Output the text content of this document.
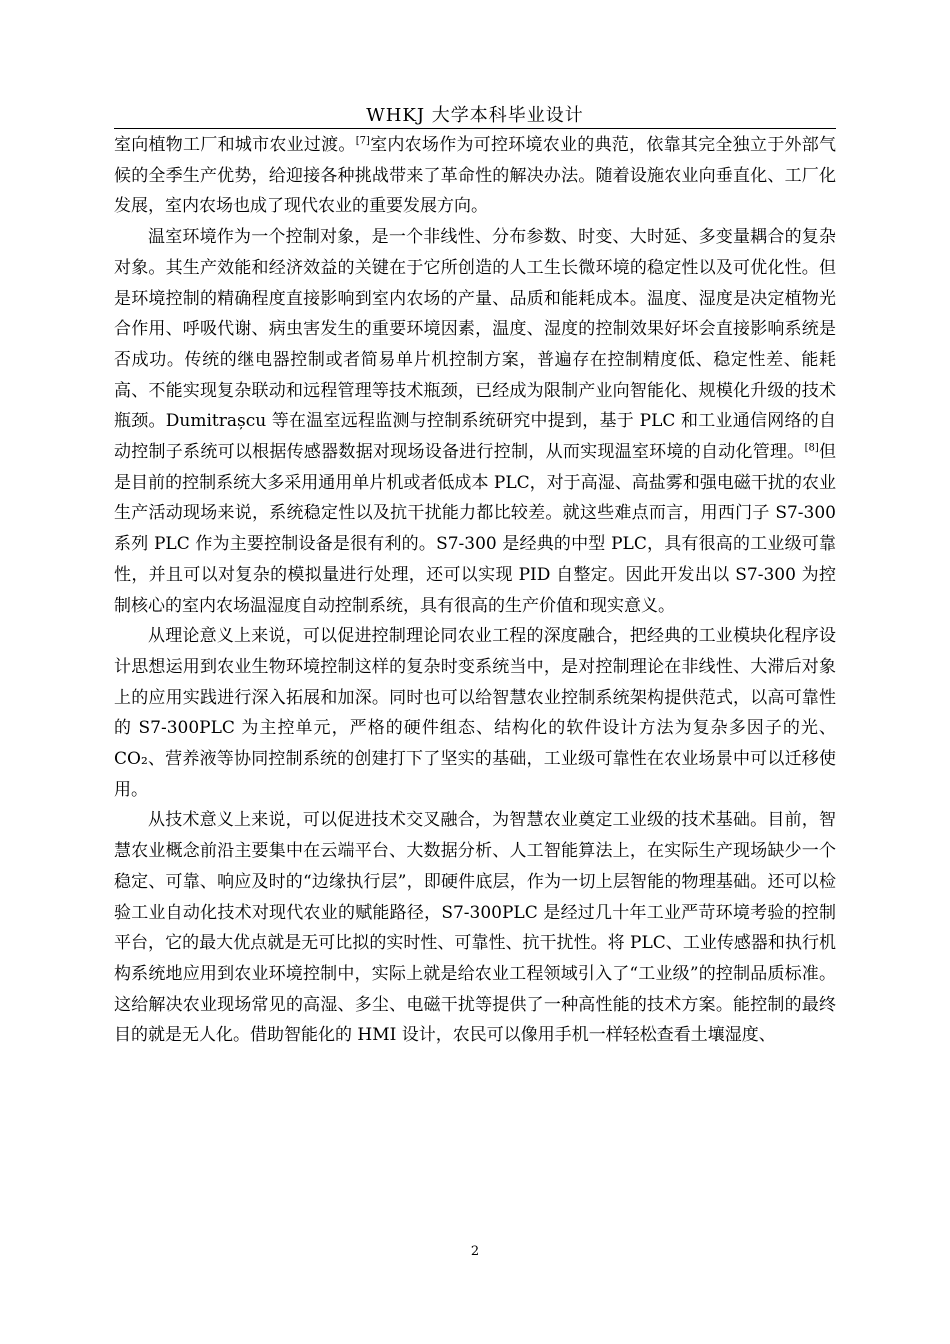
WHKJ 大学本科毕业设计

室向植物工厂和城市农业过渡。[7]室内农场作为可控环境农业的典范，依靠其完全独立于外部气候的全季生产优势，给迎接各种挑战带来了革命性的解决办法。随着设施农业向垂直化、工厂化发展，室内农场也成了现代农业的重要发展方向。

温室环境作为一个控制对象，是一个非线性、分布参数、时变、大时延、多变量耦合的复杂对象。其生产效能和经济效益的关键在于它所创造的人工生长微环境的稳定性以及可优化性。但是环境控制的精确程度直接影响到室内农场的产量、品质和能耗成本。温度、湿度是决定植物光合作用、呼吸代谢、病虫害发生的重要环境因素，温度、湿度的控制效果好坏会直接影响系统是否成功。传统的继电器控制或者简易单片机控制方案，普遍存在控制精度低、稳定性差、能耗高、不能实现复杂联动和远程管理等技术瓶颈，已经成为限制产业向智能化、规模化升级的技术瓶颈。Dumitrașcu 等在温室远程监测与控制系统研究中提到，基于 PLC 和工业通信网络的自动控制子系统可以根据传感器数据对现场设备进行控制，从而实现温室环境的自动化管理。[8]但是目前的控制系统大多采用通用单片机或者低成本 PLC，对于高湿、高盐雾和强电磁干扰的农业生产活动现场来说，系统稳定性以及抗干扰能力都比较差。就这些难点而言，用西门子 S7-300 系列 PLC 作为主要控制设备是很有利的。S7-300 是经典的中型 PLC，具有很高的工业级可靠性，并且可以对复杂的模拟量进行处理，还可以实现 PID 自整定。因此开发出以 S7-300 为控制核心的室内农场温湿度自动控制系统，具有很高的生产价值和现实意义。

从理论意义上来说，可以促进控制理论同农业工程的深度融合，把经典的工业模块化程序设计思想运用到农业生物环境控制这样的复杂时变系统当中，是对控制理论在非线性、大滞后对象上的应用实践进行深入拓展和加深。同时也可以给智慧农业控制系统架构提供范式，以高可靠性的 S7-300PLC 为主控单元，严格的硬件组态、结构化的软件设计方法为复杂多因子的光、CO₂、营养液等协同控制系统的创建打下了坚实的基础，工业级可靠性在农业场景中可以迁移使用。

从技术意义上来说，可以促进技术交叉融合，为智慧农业奠定工业级的技术基础。目前，智慧农业概念前沿主要集中在云端平台、大数据分析、人工智能算法上，在实际生产现场缺少一个稳定、可靠、响应及时的“边缘执行层”，即硬件底层，作为一切上层智能的物理基础。还可以检验工业自动化技术对现代农业的赋能路径，S7-300PLC 是经过几十年工业严苛环境考验的控制平台，它的最大优点就是无可比拟的实时性、可靠性、抗干扰性。将 PLC、工业传感器和执行机构系统地应用到农业环境控制中，实际上就是给农业工程领域引入了“工业级”的控制品质标准。这给解决农业现场常见的高湿、多尘、电磁干扰等提供了一种高性能的技术方案。能控制的最终目的就是无人化。借助智能化的 HMI 设计，农民可以像用手机一样轻松查看土壤湿度、

2
